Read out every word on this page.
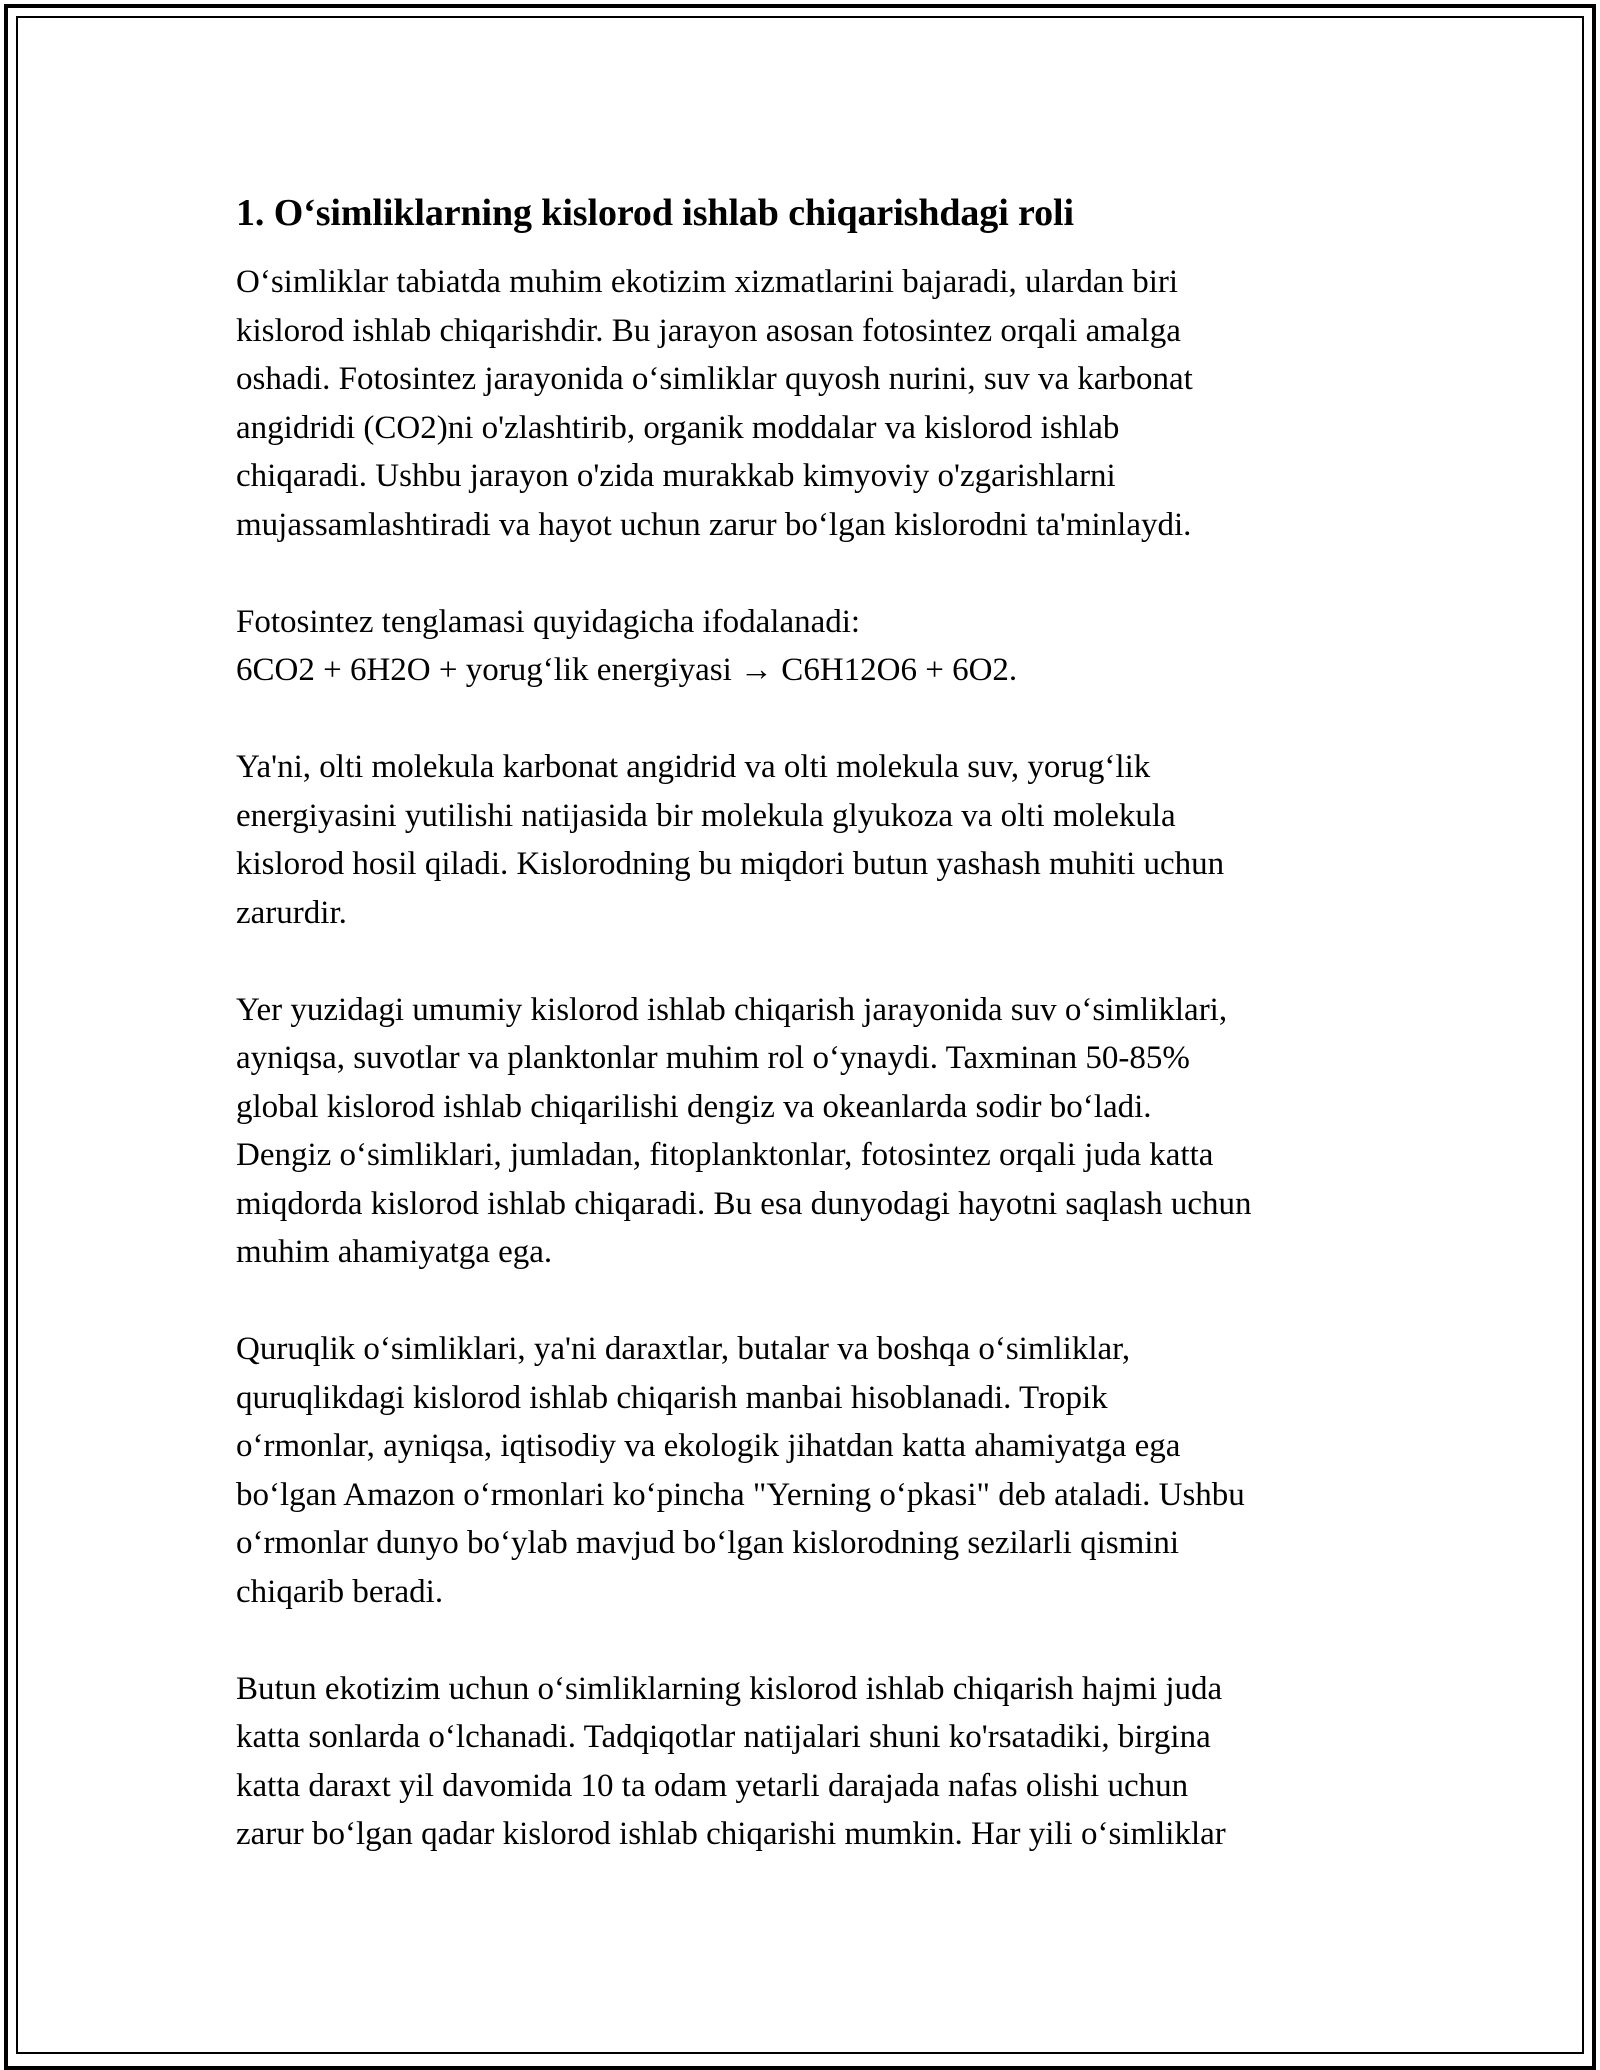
1. O‘simliklarning kislorod ishlab chiqarishdagi roli

O‘simliklar tabiatda muhim ekotizim xizmatlarini bajaradi, ulardan biri
kislorod ishlab chiqarishdir. Bu jarayon asosan fotosintez orqali amalga
oshadi. Fotosintez jarayonida o‘simliklar quyosh nurini, suv va karbonat
angidridi (CO2)ni o'zlashtirib, organik moddalar va kislorod ishlab
chiqaradi. Ushbu jarayon o'zida murakkab kimyoviy o'zgarishlarni
mujassamlashtiradi va hayot uchun zarur bo‘lgan kislorodni ta'minlaydi.

Fotosintez tenglamasi quyidagicha ifodalanadi:
6CO2 + 6H2O + yorug‘lik energiyasi → C6H12O6 + 6O2.

Ya'ni, olti molekula karbonat angidrid va olti molekula suv, yorug‘lik
energiyasini yutilishi natijasida bir molekula glyukoza va olti molekula
kislorod hosil qiladi. Kislorodning bu miqdori butun yashash muhiti uchun
zarurdir.

Yer yuzidagi umumiy kislorod ishlab chiqarish jarayonida suv o‘simliklari,
ayniqsa, suvotlar va planktonlar muhim rol o‘ynaydi. Taxminan 50-85%
global kislorod ishlab chiqarilishi dengiz va okeanlarda sodir bo‘ladi.
Dengiz o‘simliklari, jumladan, fitoplanktonlar, fotosintez orqali juda katta
miqdorda kislorod ishlab chiqaradi. Bu esa dunyodagi hayotni saqlash uchun
muhim ahamiyatga ega.

Quruqlik o‘simliklari, ya'ni daraxtlar, butalar va boshqa o‘simliklar,
quruqlikdagi kislorod ishlab chiqarish manbai hisoblanadi. Tropik
o‘rmonlar, ayniqsa, iqtisodiy va ekologik jihatdan katta ahamiyatga ega
bo‘lgan Amazon o‘rmonlari ko‘pincha "Yerning o‘pkasi" deb ataladi. Ushbu
o‘rmonlar dunyo bo‘ylab mavjud bo‘lgan kislorodning sezilarli qismini
chiqarib beradi.

Butun ekotizim uchun o‘simliklarning kislorod ishlab chiqarish hajmi juda
katta sonlarda o‘lchanadi. Tadqiqotlar natijalari shuni ko'rsatadiki, birgina
katta daraxt yil davomida 10 ta odam yetarli darajada nafas olishi uchun
zarur bo‘lgan qadar kislorod ishlab chiqarishi mumkin. Har yili o‘simliklar
